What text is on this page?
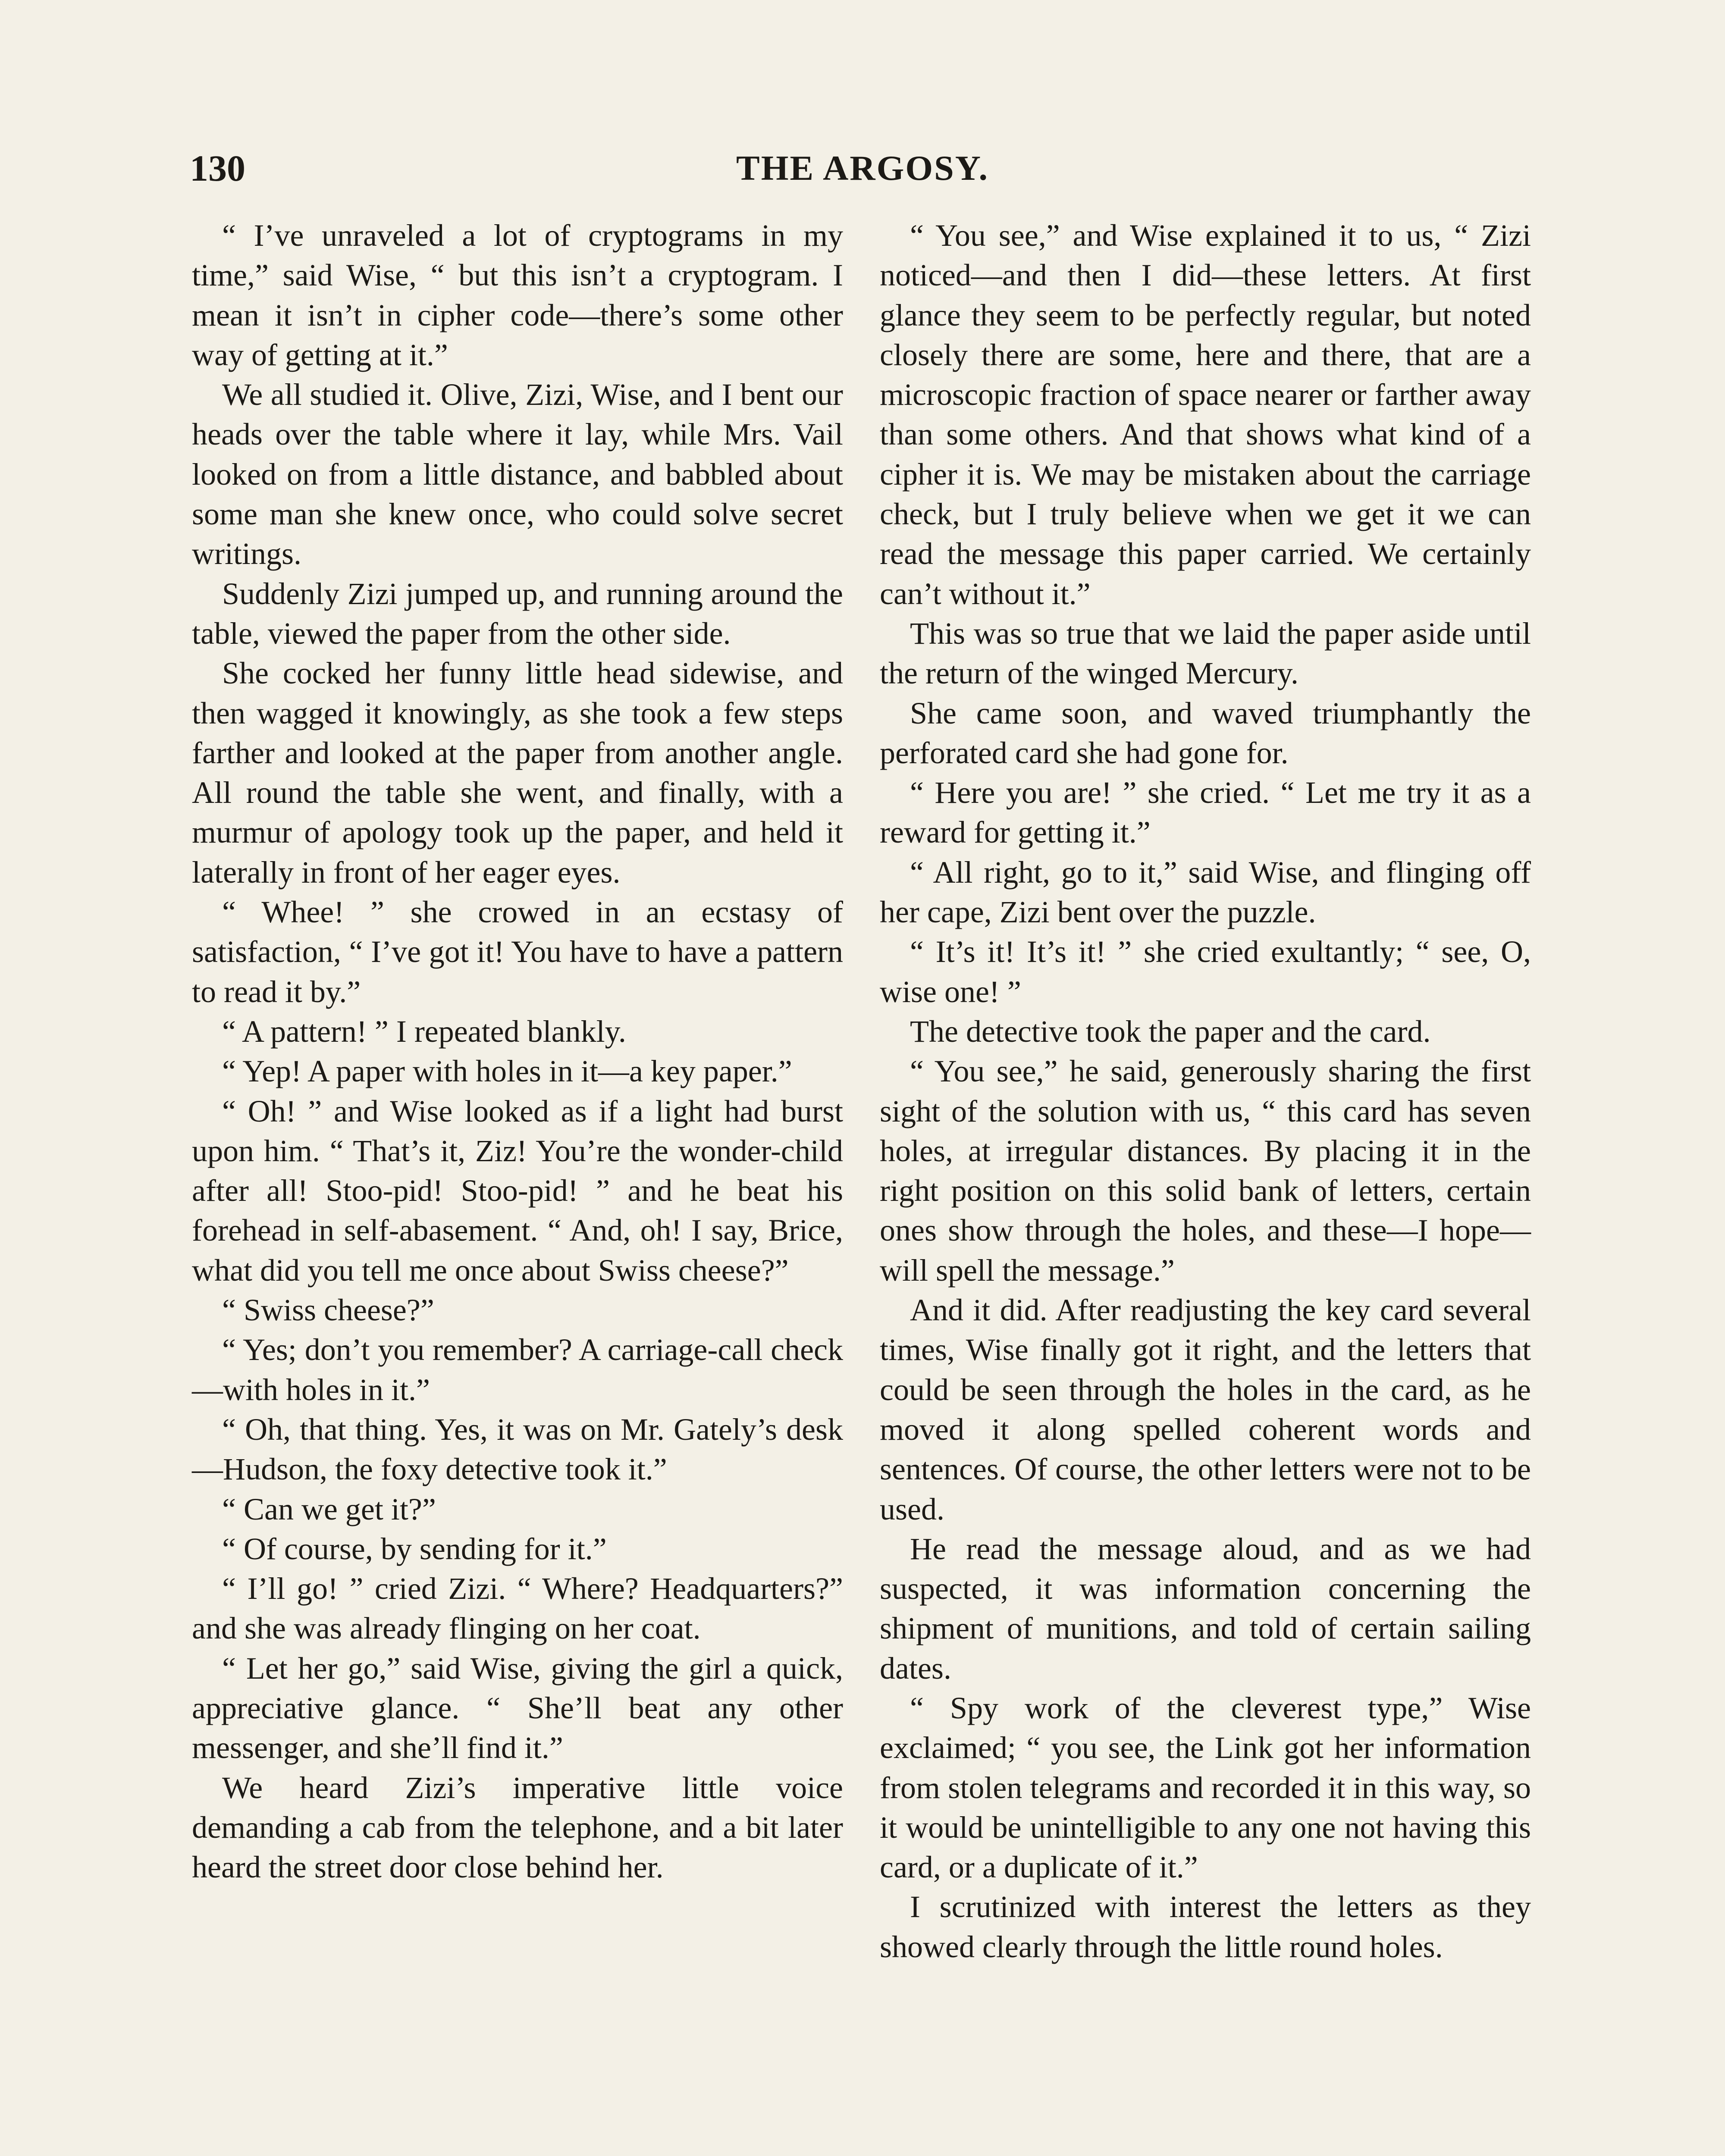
130	THE ARGOSY.

“ I’ve unraveled a lot of cryptograms in my time,” said Wise, “ but this isn’t a cryptogram. I mean it isn’t in cipher code—there’s some other way of getting at it.”

We all studied it. Olive, Zizi, Wise, and I bent our heads over the table where it lay, while Mrs. Vail looked on from a little distance, and babbled about some man she knew once, who could solve secret writings.

Suddenly Zizi jumped up, and running around the table, viewed the paper from the other side.

She cocked her funny little head sidewise, and then wagged it knowingly, as she took a few steps farther and looked at the paper from another angle. All round the table she went, and finally, with a murmur of apology took up the paper, and held it laterally in front of her eager eyes.

“ Whee! ” she crowed in an ecstasy of satisfaction, “ I’ve got it! You have to have a pattern to read it by.”

“ A pattern! ” I repeated blankly.

“ Yep! A paper with holes in it—a key paper.”

“ Oh! ” and Wise looked as if a light had burst upon him. “ That’s it, Ziz! You’re the wonder-child after all! Stoo-pid! Stoo-pid! ” and he beat his forehead in self-abasement. “ And, oh! I say, Brice, what did you tell me once about Swiss cheese?”

“ Swiss cheese?”

“ Yes; don’t you remember? A carriage-call check—with holes in it.”

“ Oh, that thing. Yes, it was on Mr. Gately’s desk—Hudson, the foxy detective took it.”

“ Can we get it?”

“ Of course, by sending for it.”

“ I’ll go! ” cried Zizi. “ Where? Headquarters?” and she was already flinging on her coat.

“ Let her go,” said Wise, giving the girl a quick, appreciative glance. “ She’ll beat any other messenger, and she’ll find it.”

We heard Zizi’s imperative little voice demanding a cab from the telephone, and a bit later heard the street door close behind her.

“ You see,” and Wise explained it to us, “ Zizi noticed—and then I did—these letters. At first glance they seem to be perfectly regular, but noted closely there are some, here and there, that are a microscopic fraction of space nearer or farther away than some others. And that shows what kind of a cipher it is. We may be mistaken about the carriage check, but I truly believe when we get it we can read the message this paper carried. We certainly can’t without it.”

This was so true that we laid the paper aside until the return of the winged Mercury.

She came soon, and waved triumphantly the perforated card she had gone for.

“ Here you are! ” she cried. “ Let me try it as a reward for getting it.”

“ All right, go to it,” said Wise, and flinging off her cape, Zizi bent over the puzzle.

“ It’s it! It’s it! ” she cried exultantly; “ see, O, wise one! ”

The detective took the paper and the card.

“ You see,” he said, generously sharing the first sight of the solution with us, “ this card has seven holes, at irregular distances. By placing it in the right position on this solid bank of letters, certain ones show through the holes, and these—I hope—will spell the message.”

And it did. After readjusting the key card several times, Wise finally got it right, and the letters that could be seen through the holes in the card, as he moved it along spelled coherent words and sentences. Of course, the other letters were not to be used.

He read the message aloud, and as we had suspected, it was information concerning the shipment of munitions, and told of certain sailing dates.

“ Spy work of the cleverest type,” Wise exclaimed; “ you see, the Link got her information from stolen telegrams and recorded it in this way, so it would be unintelligible to any one not having this card, or a duplicate of it.”

I scrutinized with interest the letters as they showed clearly through the little round holes.
